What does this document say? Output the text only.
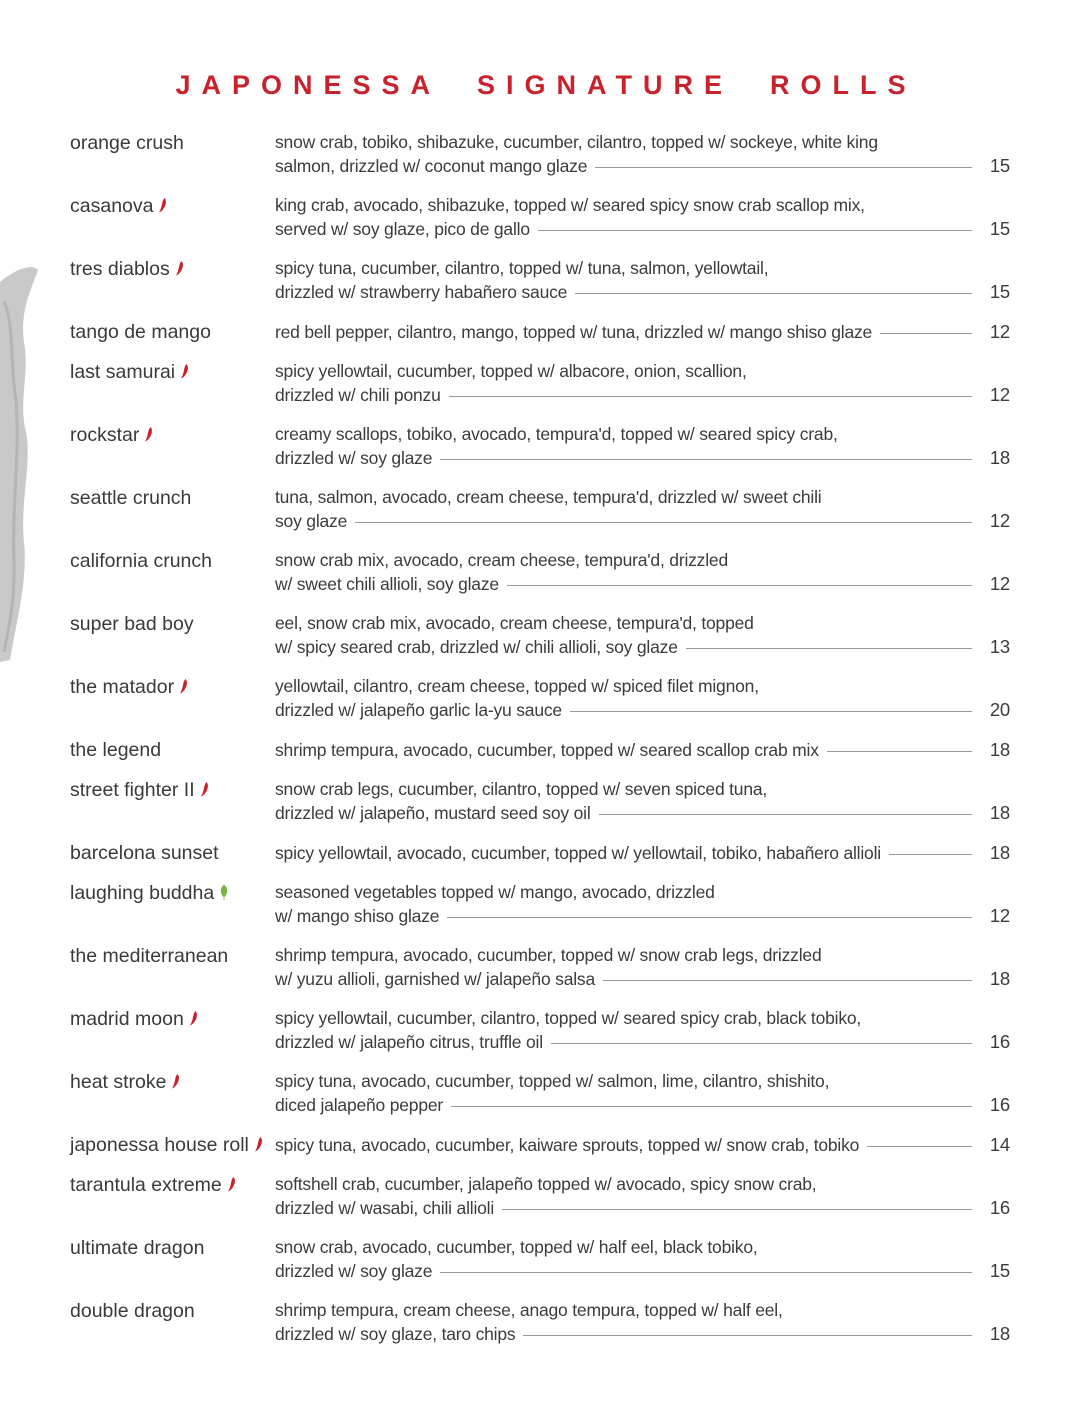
JAPONESSA  SIGNATURE  ROLLS
orange crush	snow crab, tobiko, shibazuke, cucumber, cilantro, topped w/ sockeye, white king
salmon, drizzled w/ coconut mango glaze	15
casanova	king crab, avocado, shibazuke, topped w/ seared spicy snow crab scallop mix,
served w/ soy glaze, pico de gallo	15
tres diablos	spicy tuna, cucumber, cilantro, topped w/ tuna, salmon, yellowtail,
drizzled w/ strawberry habañero sauce	15
tango de mango	red bell pepper, cilantro, mango, topped w/ tuna, drizzled w/ mango shiso glaze	12
last samurai	spicy yellowtail, cucumber, topped w/ albacore, onion, scallion,
drizzled w/ chili ponzu	12
rockstar	creamy scallops, tobiko, avocado, tempura'd, topped w/ seared spicy crab,
drizzled w/ soy glaze	18
seattle crunch	tuna, salmon, avocado, cream cheese, tempura'd, drizzled w/ sweet chili
soy glaze	12
california crunch	snow crab mix, avocado, cream cheese, tempura'd, drizzled
w/ sweet chili allioli, soy glaze	12
super bad boy	eel, snow crab mix, avocado, cream cheese, tempura'd, topped
w/ spicy seared crab, drizzled w/ chili allioli, soy glaze	13
the matador	yellowtail, cilantro, cream cheese, topped w/ spiced filet mignon,
drizzled w/ jalapeño garlic la-yu sauce	20
the legend	shrimp tempura, avocado, cucumber, topped w/ seared scallop crab mix	18
street fighter II	snow crab legs, cucumber, cilantro, topped w/ seven spiced tuna,
drizzled w/ jalapeño, mustard seed soy oil	18
barcelona sunset	spicy yellowtail, avocado, cucumber, topped w/ yellowtail, tobiko, habañero allioli	18
laughing buddha	seasoned vegetables topped w/ mango, avocado, drizzled
w/ mango shiso glaze	12
the mediterranean	shrimp tempura, avocado, cucumber, topped w/ snow crab legs, drizzled
w/ yuzu allioli, garnished w/ jalapeño salsa	18
madrid moon	spicy yellowtail, cucumber, cilantro, topped w/ seared spicy crab, black tobiko,
drizzled w/ jalapeño citrus, truffle oil	16
heat stroke	spicy tuna, avocado, cucumber, topped w/ salmon, lime, cilantro, shishito,
diced jalapeño pepper	16
japonessa house roll	spicy tuna, avocado, cucumber, kaiware sprouts, topped w/ snow crab, tobiko	14
tarantula extreme	softshell crab, cucumber, jalapeño topped w/ avocado, spicy snow crab,
drizzled w/ wasabi, chili allioli	16
ultimate dragon	snow crab, avocado, cucumber, topped w/ half eel, black tobiko,
drizzled w/ soy glaze	15
double dragon	shrimp tempura, cream cheese, anago tempura, topped w/ half eel,
drizzled w/ soy glaze, taro chips	18
